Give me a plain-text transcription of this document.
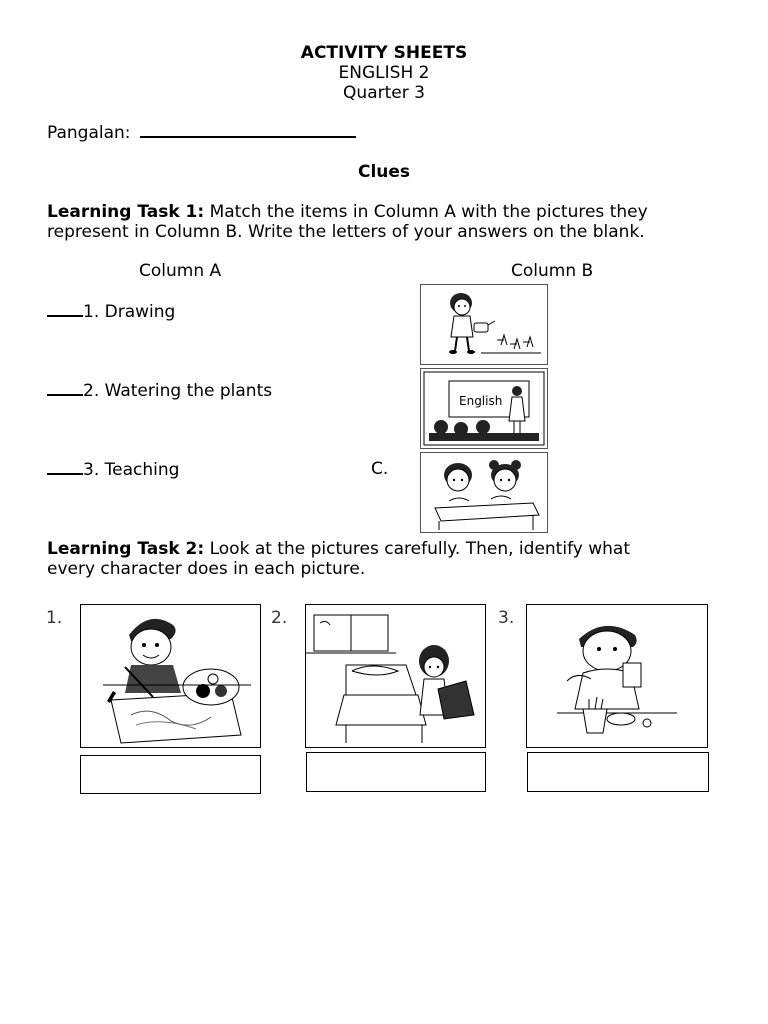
ACTIVITY SHEETS
ENGLISH 2
Quarter 3
Pangalan:
Clues
Learning Task 1: Match the items in Column A with the pictures they
represent in Column B. Write the letters of your answers on the blank.
Column A	Column B
1. Drawing
2. Watering the plants
3. Teaching	C.
English
Learning Task 2: Look at the pictures carefully. Then, identify what
every character does in each picture.
1.	2.	3.
